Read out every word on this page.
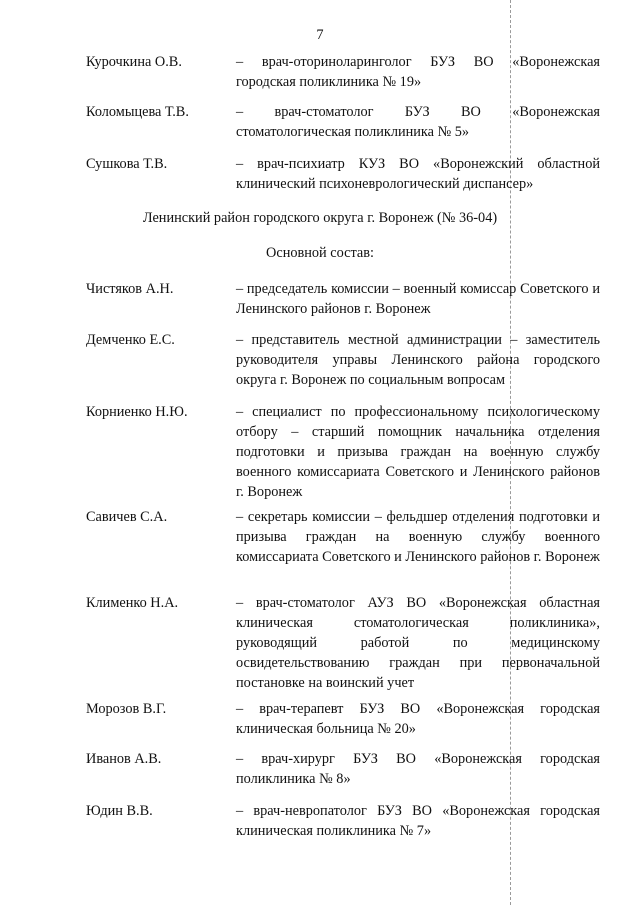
7
Курочкина О.В.	– врач-оториноларинголог БУЗ ВО «Воронежская городская поликлиника № 19»
Коломыцева Т.В.	– врач-стоматолог БУЗ ВО «Воронежская стоматологическая поликлиника № 5»
Сушкова Т.В.	– врач-психиатр КУЗ ВО «Воронежский областной клинический психоневрологический диспансер»
Ленинский район городского округа г. Воронеж (№ 36-04)
Основной состав:
Чистяков А.Н.	– председатель комиссии – военный комиссар Советского и Ленинского районов г. Воронеж
Демченко Е.С.	– представитель местной администрации – заместитель руководителя управы Ленинского района городского округа г. Воронеж по социальным вопросам
Корниенко Н.Ю.	– специалист по профессиональному психологическому отбору – старший помощник начальника отделения подготовки и призыва граждан на военную службу военного комиссариата Советского и Ленинского районов г. Воронеж
Савичев С.А.	– секретарь комиссии – фельдшер отделения подготовки и призыва граждан на военную службу военного комиссариата Советского и Ленинского районов г. Воронеж
Клименко Н.А.	– врач-стоматолог АУЗ ВО «Воронежская областная клиническая стоматологическая поликлиника», руководящий работой по медицинскому освидетельствованию граждан при первоначальной постановке на воинский учет
Морозов В.Г.	– врач-терапевт БУЗ ВО «Воронежская городская клиническая больница № 20»
Иванов А.В.	– врач-хирург БУЗ ВО «Воронежская городская поликлиника № 8»
Юдин В.В.	– врач-невропатолог БУЗ ВО «Воронежская городская клиническая поликлиника № 7»
